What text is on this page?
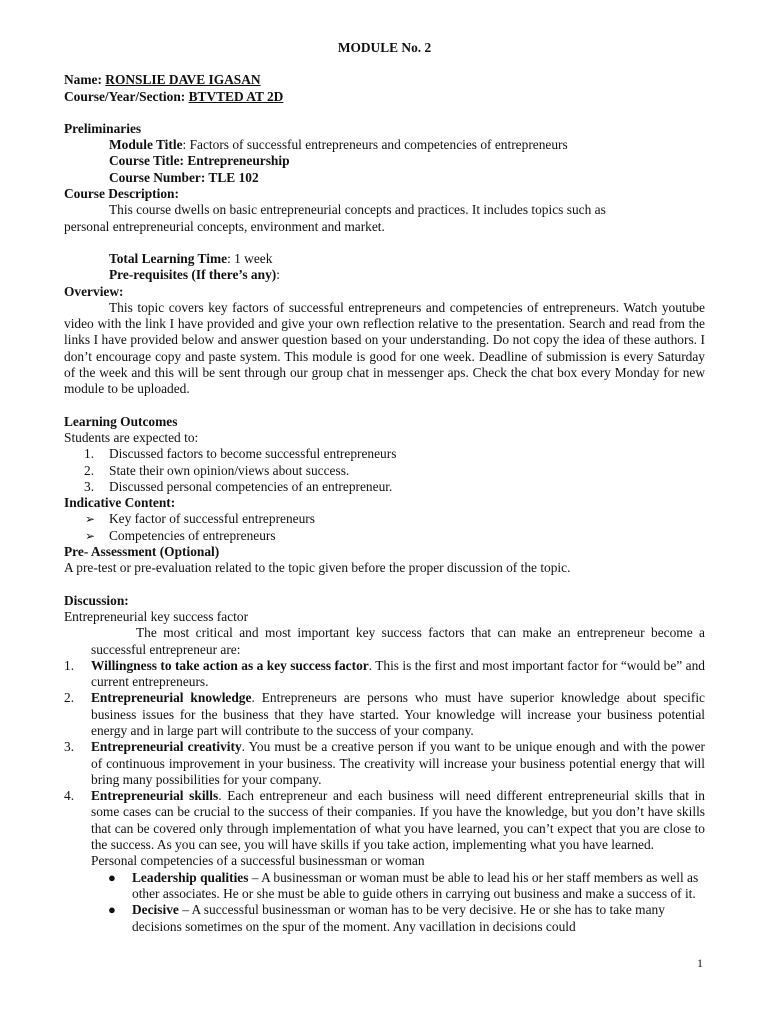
MODULE No. 2

Name: RONSLIE DAVE IGASAN

Course/Year/Section: BTVTED AT 2D

Preliminaries

Module Title: Factors of successful entrepreneurs and competencies of entrepreneurs

Course Title: Entrepreneurship

Course Number: TLE 102

Course Description:

This course dwells on basic entrepreneurial concepts and practices. It includes topics such as

personal entrepreneurial concepts, environment and market.

Total Learning Time: 1 week

Pre-requisites (If there’s any):

Overview:

This topic covers key factors of successful entrepreneurs and competencies of entrepreneurs. Watch youtube video with the link I have provided and give your own reflection relative to the presentation. Search and read from the links I have provided below and answer question based on your understanding. Do not copy the idea of these authors. I don’t encourage copy and paste system. This module is good for one week. Deadline of submission is every Saturday of the week and this will be sent through our group chat in messenger aps. Check the chat box every Monday for new module to be uploaded.

Learning Outcomes

Students are expected to:

1. Discussed factors to become successful entrepreneurs
2. State their own opinion/views about success.
3. Discussed personal competencies of an entrepreneur.

Indicative Content:

➢ Key factor of successful entrepreneurs
➢ Competencies of entrepreneurs

Pre- Assessment (Optional)

A pre-test or pre-evaluation related to the topic given before the proper discussion of the topic.

Discussion:

Entrepreneurial key success factor

The most critical and most important key success factors that can make an entrepreneur become a successful entrepreneur are:

1. Willingness to take action as a key success factor. This is the first and most important factor for “would be” and current entrepreneurs.
2. Entrepreneurial knowledge. Entrepreneurs are persons who must have superior knowledge about specific business issues for the business that they have started. Your knowledge will increase your business potential energy and in large part will contribute to the success of your company.
3. Entrepreneurial creativity. You must be a creative person if you want to be unique enough and with the power of continuous improvement in your business. The creativity will increase your business potential energy that will bring many possibilities for your company.
4. Entrepreneurial skills. Each entrepreneur and each business will need different entrepreneurial skills that in some cases can be crucial to the success of their companies. If you have the knowledge, but you don’t have skills that can be covered only through implementation of what you have learned, you can’t expect that you are close to the success. As you can see, you will have skills if you take action, implementing what you have learned.

Personal competencies of a successful businessman or woman

● Leadership qualities – A businessman or woman must be able to lead his or her staff members as well as other associates. He or she must be able to guide others in carrying out business and make a success of it.
● Decisive – A successful businessman or woman has to be very decisive. He or she has to take many decisions sometimes on the spur of the moment. Any vacillation in decisions could
1
